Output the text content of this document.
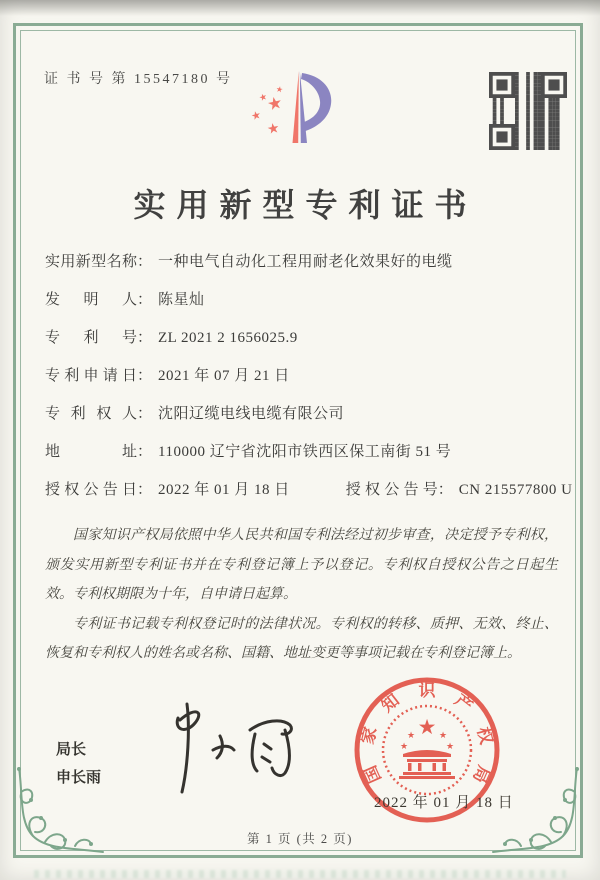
证 书 号 第 15547180 号
★
★
★
★
★
实用新型专利证书
实用新型名称： 一种电气自动化工程用耐老化效果好的电缆
发明人： 陈星灿
专利号： ZL 2021 2 1656025.9
专利申请日： 2021 年 07 月 21 日
专利权人： 沈阳辽缆电线电缆有限公司
地址： 110000 辽宁省沈阳市铁西区保工南街 51 号
授权公告日： 2022 年 01 月 18 日	授权公告号： CN 215577800 U

国家知识产权局依照中华人民共和国专利法经过初步审查，决定授予专利权，颁发实用新型专利证书并在专利登记簿上予以登记。专利权自授权公告之日起生效。专利权期限为十年，自申请日起算。

专利证书记载专利权登记时的法律状况。专利权的转移、质押、无效、终止、恢复和专利权人的姓名或名称、国籍、地址变更等事项记载在专利登记簿上。

局长
申长雨	国
家
知 识 产
权
局
★
★	★
★	★
2022 年 01 月 18 日
第 1 页 (共 2 页)
